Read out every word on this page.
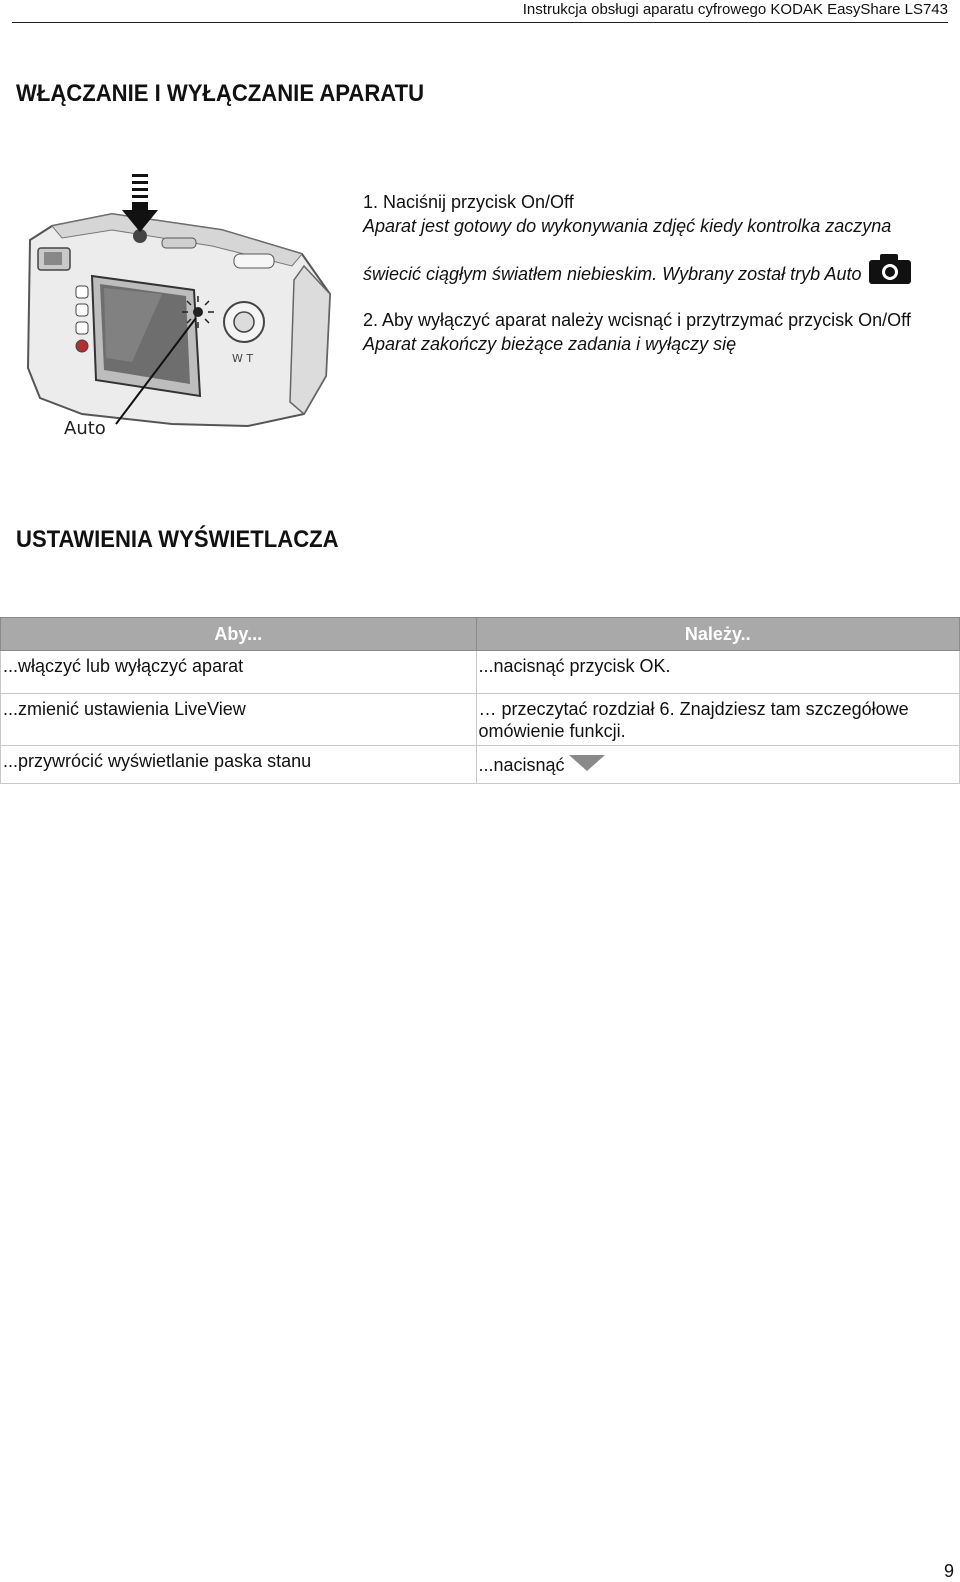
Instrukcja obsługi aparatu cyfrowego KODAK EasyShare LS743
WŁĄCZANIE I WYŁĄCZANIE APARATU
W T
Auto

1. Naciśnij przycisk On/Off

Aparat jest gotowy do wykonywania zdjęć kiedy kontrolka zaczyna

świecić ciągłym światłem niebieskim. Wybrany został tryb Auto

2. Aby wyłączyć aparat należy wcisnąć i przytrzymać przycisk On/Off

Aparat zakończy bieżące zadania i wyłączy się

USTAWIENIA WYŚWIETLACZA
Aby...	Należy..
...włączyć lub wyłączyć aparat	...nacisnąć przycisk OK.
...zmienić ustawienia LiveView	… przeczytać rozdział 6. Znajdziesz tam szczegółowe omówienie funkcji.
...przywrócić wyświetlanie paska stanu	...nacisnąć
9
